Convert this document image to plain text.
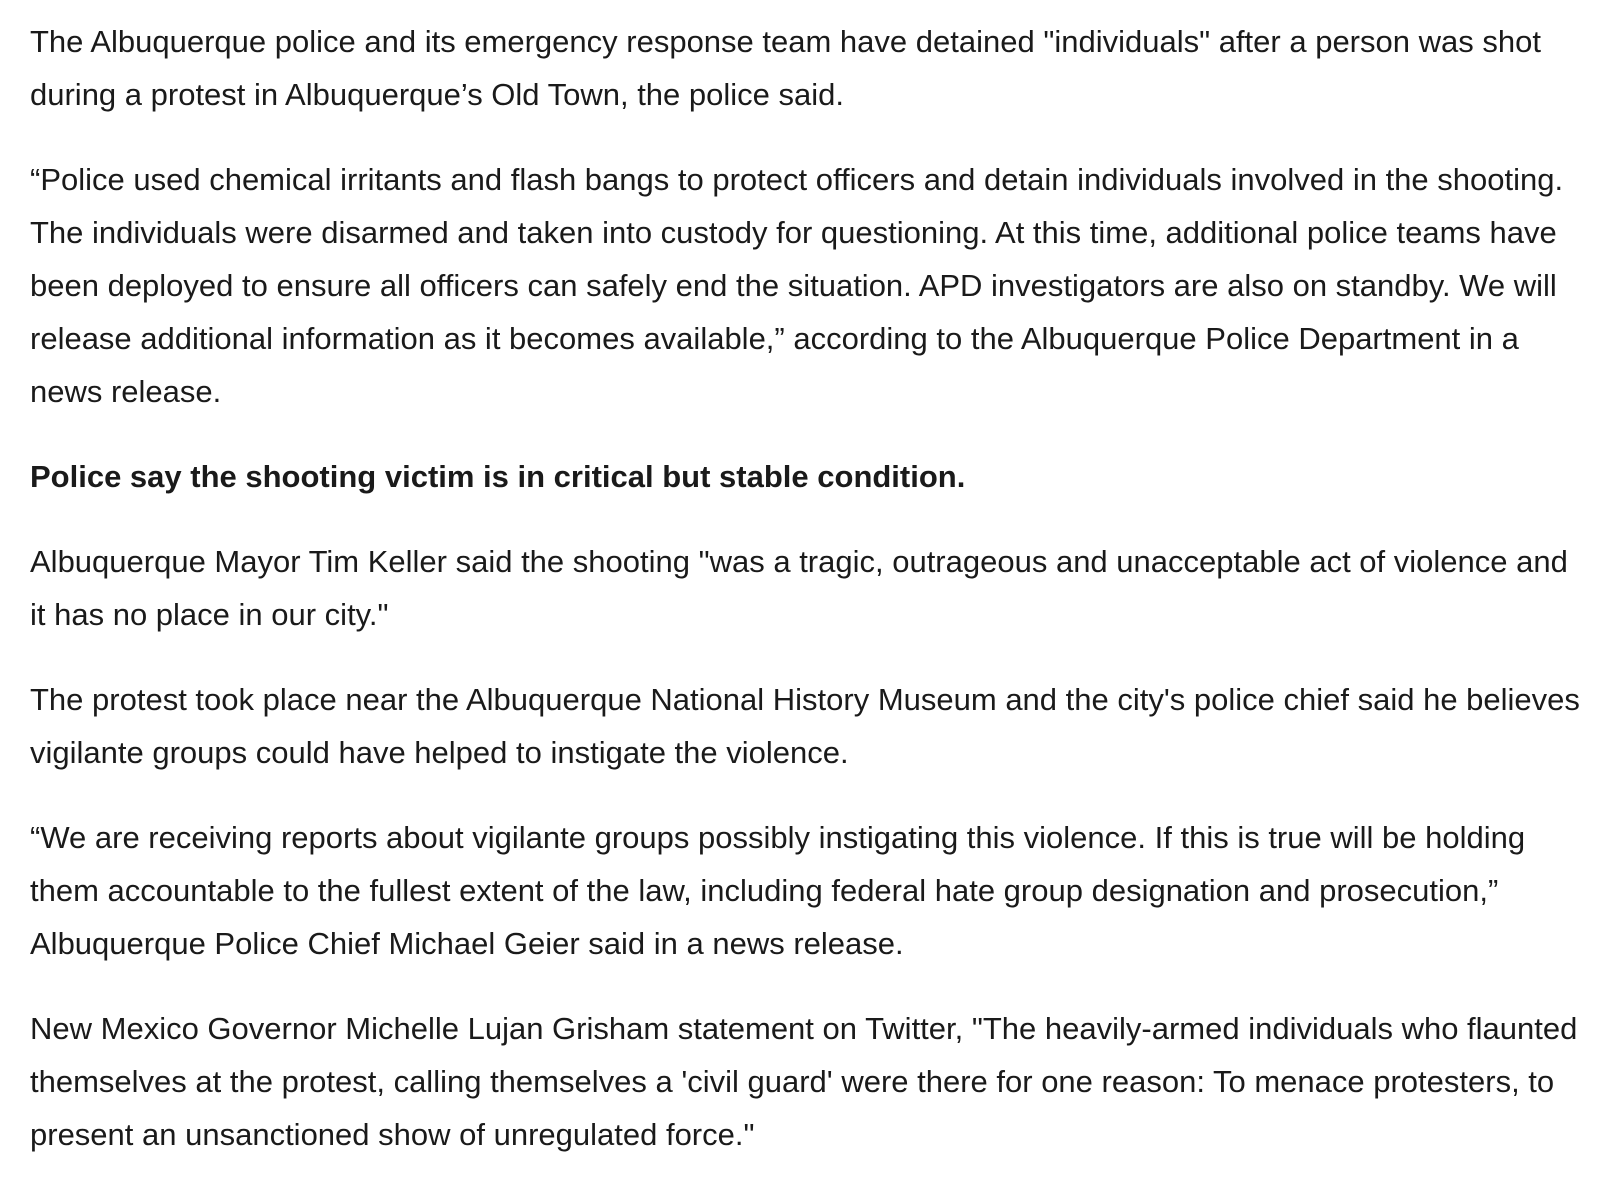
The Albuquerque police and its emergency response team have detained "individuals" after a person was shot during a protest in Albuquerque’s Old Town, the police said.

“Police used chemical irritants and flash bangs to protect officers and detain individuals involved in the shooting. The individuals were disarmed and taken into custody for questioning. At this time, additional police teams have been deployed to ensure all officers can safely end the situation. APD investigators are also on standby. We will release additional information as it becomes available,” according to the Albuquerque Police Department in a news release.

Police say the shooting victim is in critical but stable condition.

Albuquerque Mayor Tim Keller said the shooting "was a tragic, outrageous and unacceptable act of violence and it has no place in our city."

The protest took place near the Albuquerque National History Museum and the city's police chief said he believes vigilante groups could have helped to instigate the violence.

“We are receiving reports about vigilante groups possibly instigating this violence. If this is true will be holding them accountable to the fullest extent of the law, including federal hate group designation and prosecution,” Albuquerque Police Chief Michael Geier said in a news release.

New Mexico Governor Michelle Lujan Grisham statement on Twitter, "The heavily-armed individuals who flaunted themselves at the protest, calling themselves a 'civil guard' were there for one reason: To menace protesters, to present an unsanctioned show of unregulated force."
